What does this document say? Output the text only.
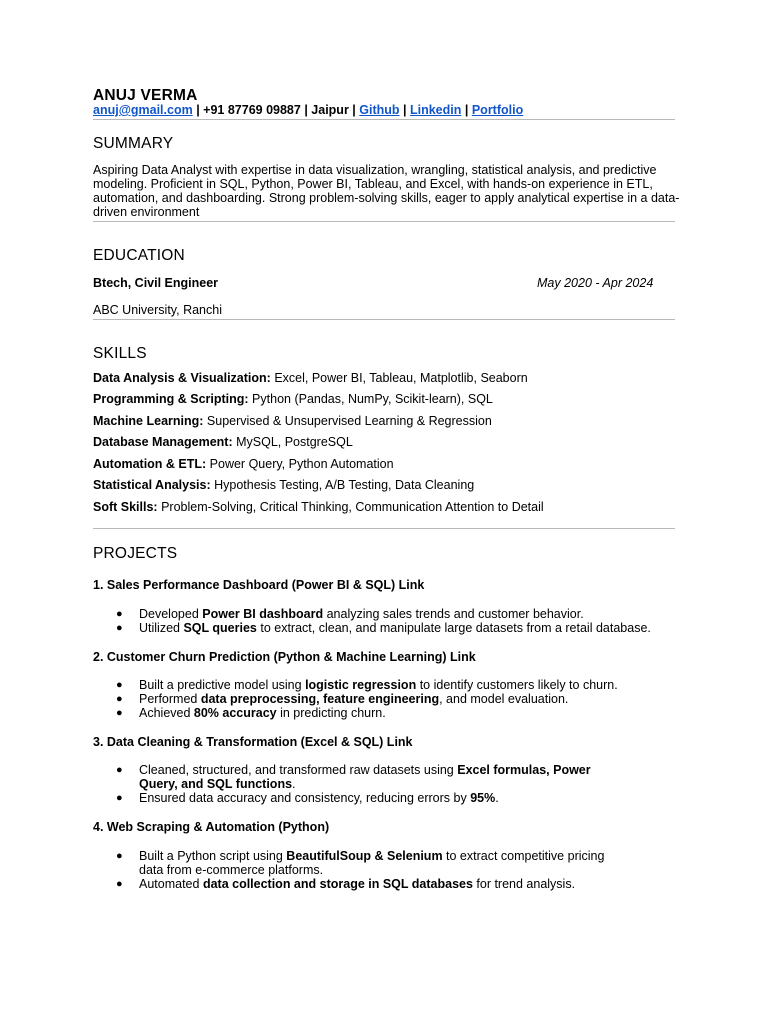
ANUJ VERMA
anuj@gmail.com | +91 87769 09887 | Jaipur | Github | Linkedin | Portfolio
SUMMARY
Aspiring Data Analyst with expertise in data visualization, wrangling, statistical analysis, and predictive modeling. Proficient in SQL, Python, Power BI, Tableau, and Excel, with hands-on experience in ETL, automation, and dashboarding. Strong problem-solving skills, eager to apply analytical expertise in a data-driven environment
EDUCATION
Btech, Civil Engineer	May 2020 - Apr 2024
ABC University, Ranchi
SKILLS
Data Analysis & Visualization: Excel, Power BI, Tableau, Matplotlib, Seaborn
Programming & Scripting: Python (Pandas, NumPy, Scikit-learn), SQL
Machine Learning: Supervised & Unsupervised Learning & Regression
Database Management: MySQL, PostgreSQL
Automation & ETL: Power Query, Python Automation
Statistical Analysis: Hypothesis Testing, A/B Testing, Data Cleaning
Soft Skills: Problem-Solving, Critical Thinking, Communication Attention to Detail
PROJECTS
1. Sales Performance Dashboard (Power BI & SQL) Link
● Developed Power BI dashboard analyzing sales trends and customer behavior.
● Utilized SQL queries to extract, clean, and manipulate large datasets from a retail database.
2. Customer Churn Prediction (Python & Machine Learning) Link
● Built a predictive model using logistic regression to identify customers likely to churn.
● Performed data preprocessing, feature engineering, and model evaluation.
● Achieved 80% accuracy in predicting churn.
3. Data Cleaning & Transformation (Excel & SQL) Link
● Cleaned, structured, and transformed raw datasets using Excel formulas, Power Query, and SQL functions.
● Ensured data accuracy and consistency, reducing errors by 95%.
4. Web Scraping & Automation (Python)
● Built a Python script using BeautifulSoup & Selenium to extract competitive pricing data from e-commerce platforms.
● Automated data collection and storage in SQL databases for trend analysis.
